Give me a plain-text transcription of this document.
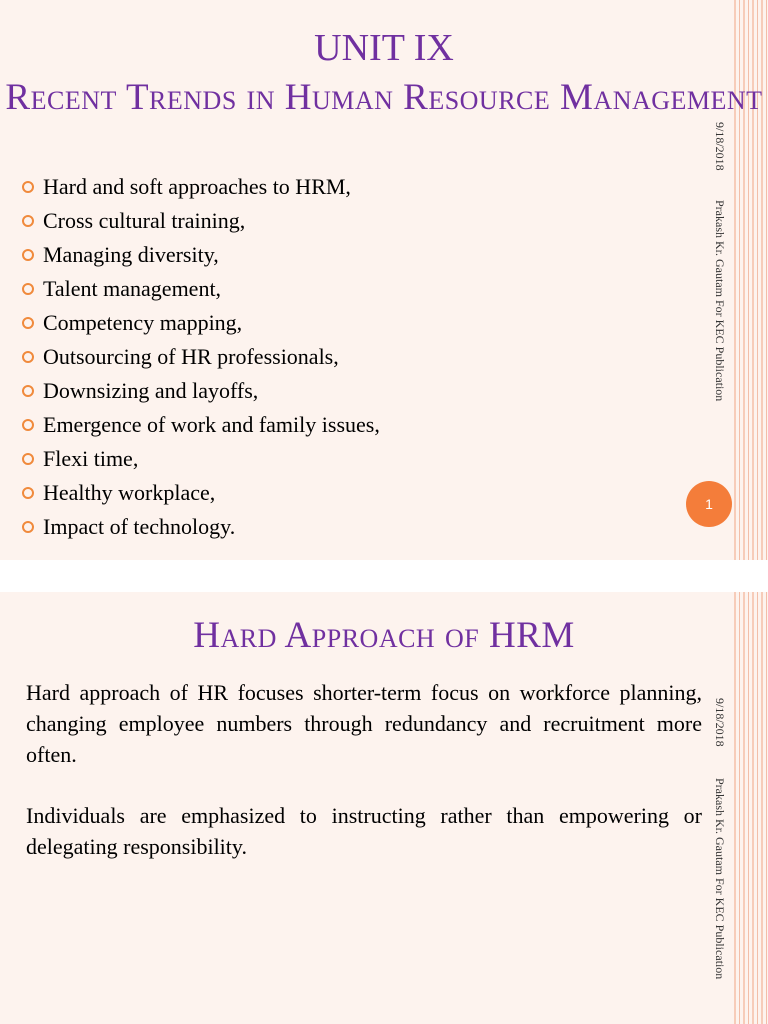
UNIT IX
Recent Trends in Human Resource Management
9/18/2018
Prakash Kr. Gautam For KEC Publication
Hard and soft approaches to HRM,
Cross cultural training,
Managing diversity,
Talent management,
Competency mapping,
Outsourcing of HR professionals,
Downsizing and layoffs,
Emergence of work and family issues,
Flexi time,
Healthy workplace,
Impact of technology.
1
Hard Approach of HRM
9/18/2018
Prakash Kr. Gautam For KEC Publication

Hard approach of HR focuses shorter-term focus on workforce planning, changing employee numbers through redundancy and recruitment more often.

Individuals are emphasized to instructing rather than empowering or delegating responsibility.
